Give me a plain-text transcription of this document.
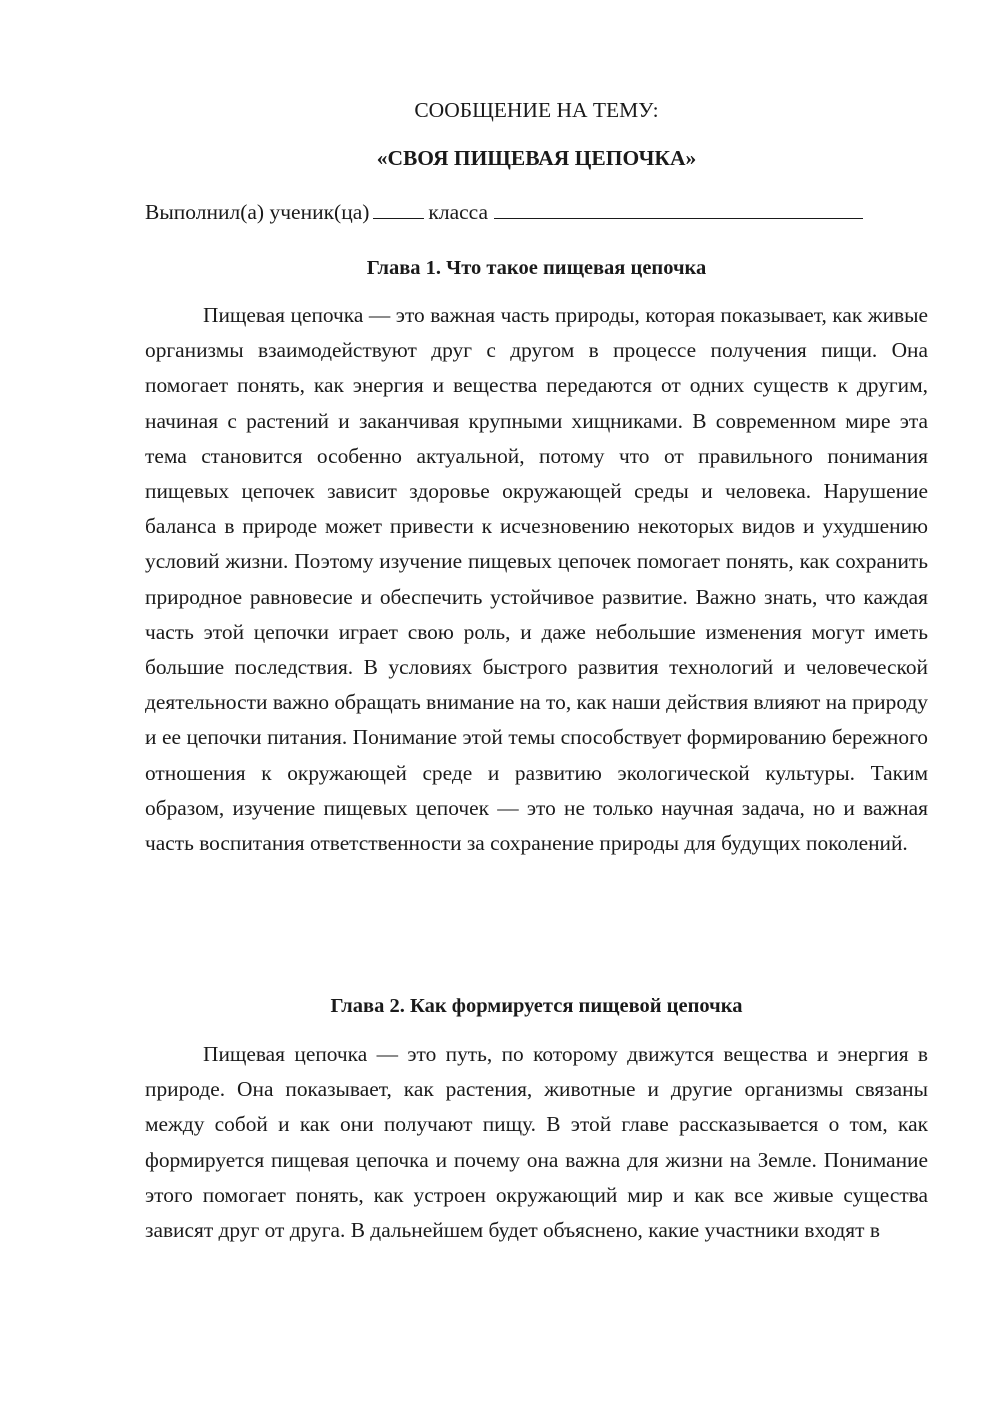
СООБЩЕНИЕ НА ТЕМУ:
«СВОЯ ПИЩЕВАЯ ЦЕПОЧКА»
Выполнил(а) ученик(ца)	класса
Глава 1. Что такое пищевая цепочка

Пищевая цепочка — это важная часть природы, которая показывает, как живые организмы взаимодействуют друг с другом в процессе получения пищи. Она помогает понять, как энергия и вещества передаются от одних существ к другим, начиная с растений и заканчивая крупными хищниками. В современном мире эта тема становится особенно актуальной, потому что от правильного понимания пищевых цепочек зависит здоровье окружающей среды и человека. Нарушение баланса в природе может привести к исчезновению некоторых видов и ухудшению условий жизни. Поэтому изучение пищевых цепочек помогает понять, как сохранить природное равновесие и обеспечить устойчивое развитие. Важно знать, что каждая часть этой цепочки играет свою роль, и даже небольшие изменения могут иметь большие последствия. В условиях быстрого развития технологий и человеческой деятельности важно обращать внимание на то, как наши действия влияют на природу и ее цепочки питания. Понимание этой темы способствует формированию бережного отношения к окружающей среде и развитию экологической культуры. Таким образом, изучение пищевых цепочек — это не только научная задача, но и важная часть воспитания ответственности за сохранение природы для будущих поколений.

Глава 2. Как формируется пищевой цепочка

Пищевая цепочка — это путь, по которому движутся вещества и энергия в природе. Она показывает, как растения, животные и другие организмы связаны между собой и как они получают пищу. В этой главе рассказывается о том, как формируется пищевая цепочка и почему она важна для жизни на Земле. Понимание этого помогает понять, как устроен окружающий мир и как все живые существа зависят друг от друга. В дальнейшем будет объяснено, какие участники входят в
